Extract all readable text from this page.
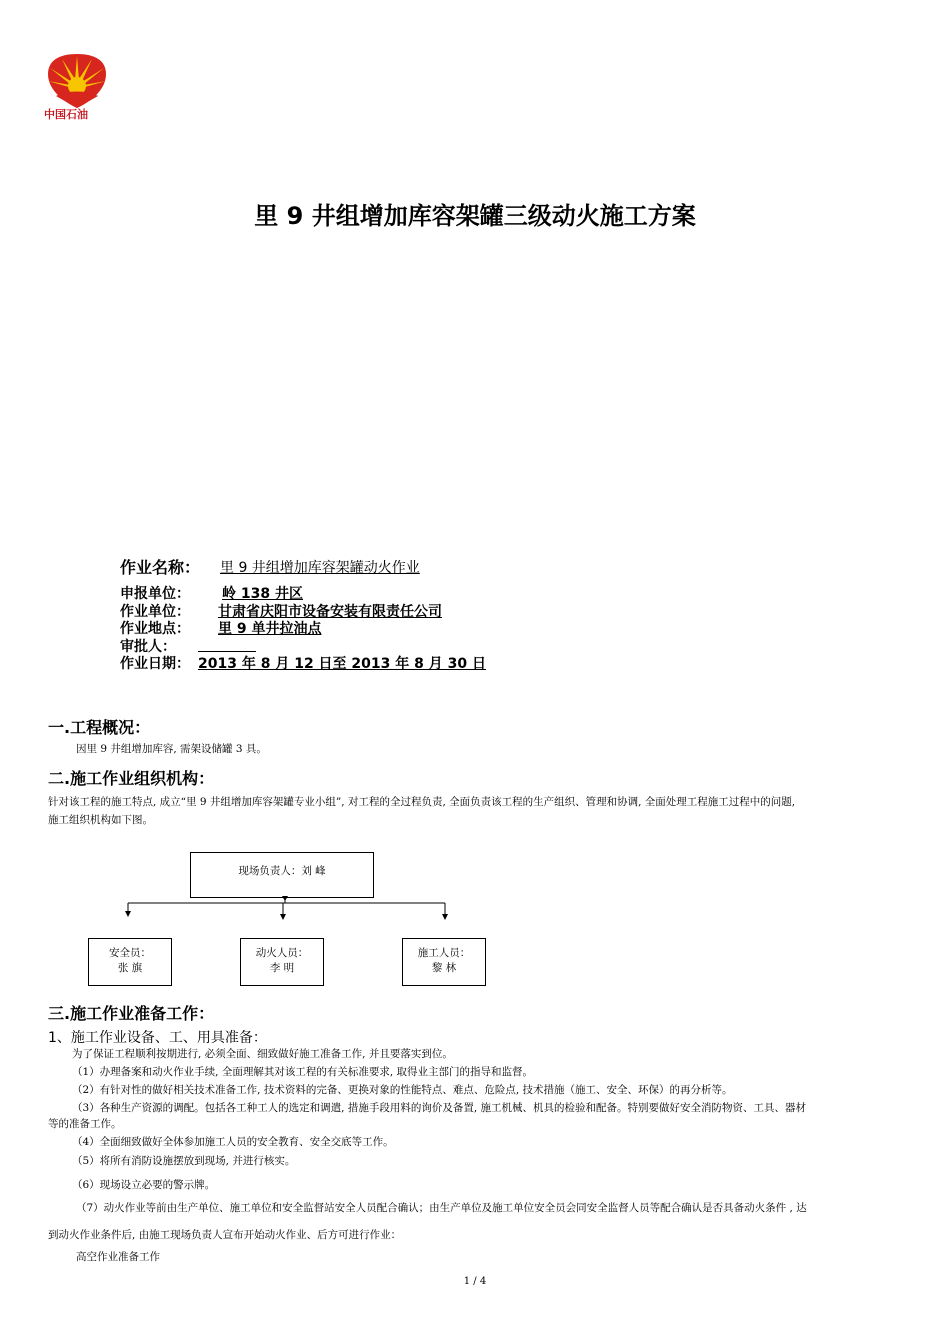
中国石油
里 9 井组增加库容架罐三级动火施工方案
作业名称：	里 9 井组增加库容架罐动火作业
申报单位：	岭 138 井区
作业单位：	甘肃省庆阳市设备安装有限责任公司
作业地点：	里 9 单井拉油点
审批人：
作业日期： 2013 年 8 月 12 日至 2013 年 8 月 30 日
一.工程概况：
因里 9 井组增加库容, 需架设储罐 3 具。
二.施工作业组织机构：
针对该工程的施工特点, 成立“里 9 井组增加库容架罐专业小组”, 对工程的全过程负责, 全面负责该工程的生产组织、管理和协调, 全面处理工程施工过程中的问题,
施工组织机构如下图。
现场负责人：刘 峰
安全员：
张 旗
动火人员：
李 明
施工人员：
黎 林
三.施工作业准备工作：
1、施工作业设备、工、用具准备：
为了保证工程顺利按期进行, 必须全面、细致做好施工准备工作, 并且要落实到位。
（1）办理备案和动火作业手续, 全面理解其对该工程的有关标准要求, 取得业主部门的指导和监督。
（2）有针对性的做好相关技术准备工作, 技术资料的完备、更换对象的性能特点、难点、危险点, 技术措施（施工、安全、环保）的再分析等。
（3）各种生产资源的调配。包括各工种工人的选定和调遣, 措施手段用料的询价及备置, 施工机械、机具的检验和配备。特别要做好安全消防物资、工具、器材
等的准备工作。
（4）全面细致做好全体参加施工人员的安全教育、安全交底等工作。
（5）将所有消防设施摆放到现场, 并进行核实。
（6）现场设立必要的警示牌。
（7）动火作业等前由生产单位、施工单位和安全监督站安全人员配合确认；由生产单位及施工单位安全员会同安全监督人员等配合确认是否具备动火条件 , 达
到动火作业条件后, 由施工现场负责人宣布开始动火作业、后方可进行作业：
高空作业准备工作
1 / 4
